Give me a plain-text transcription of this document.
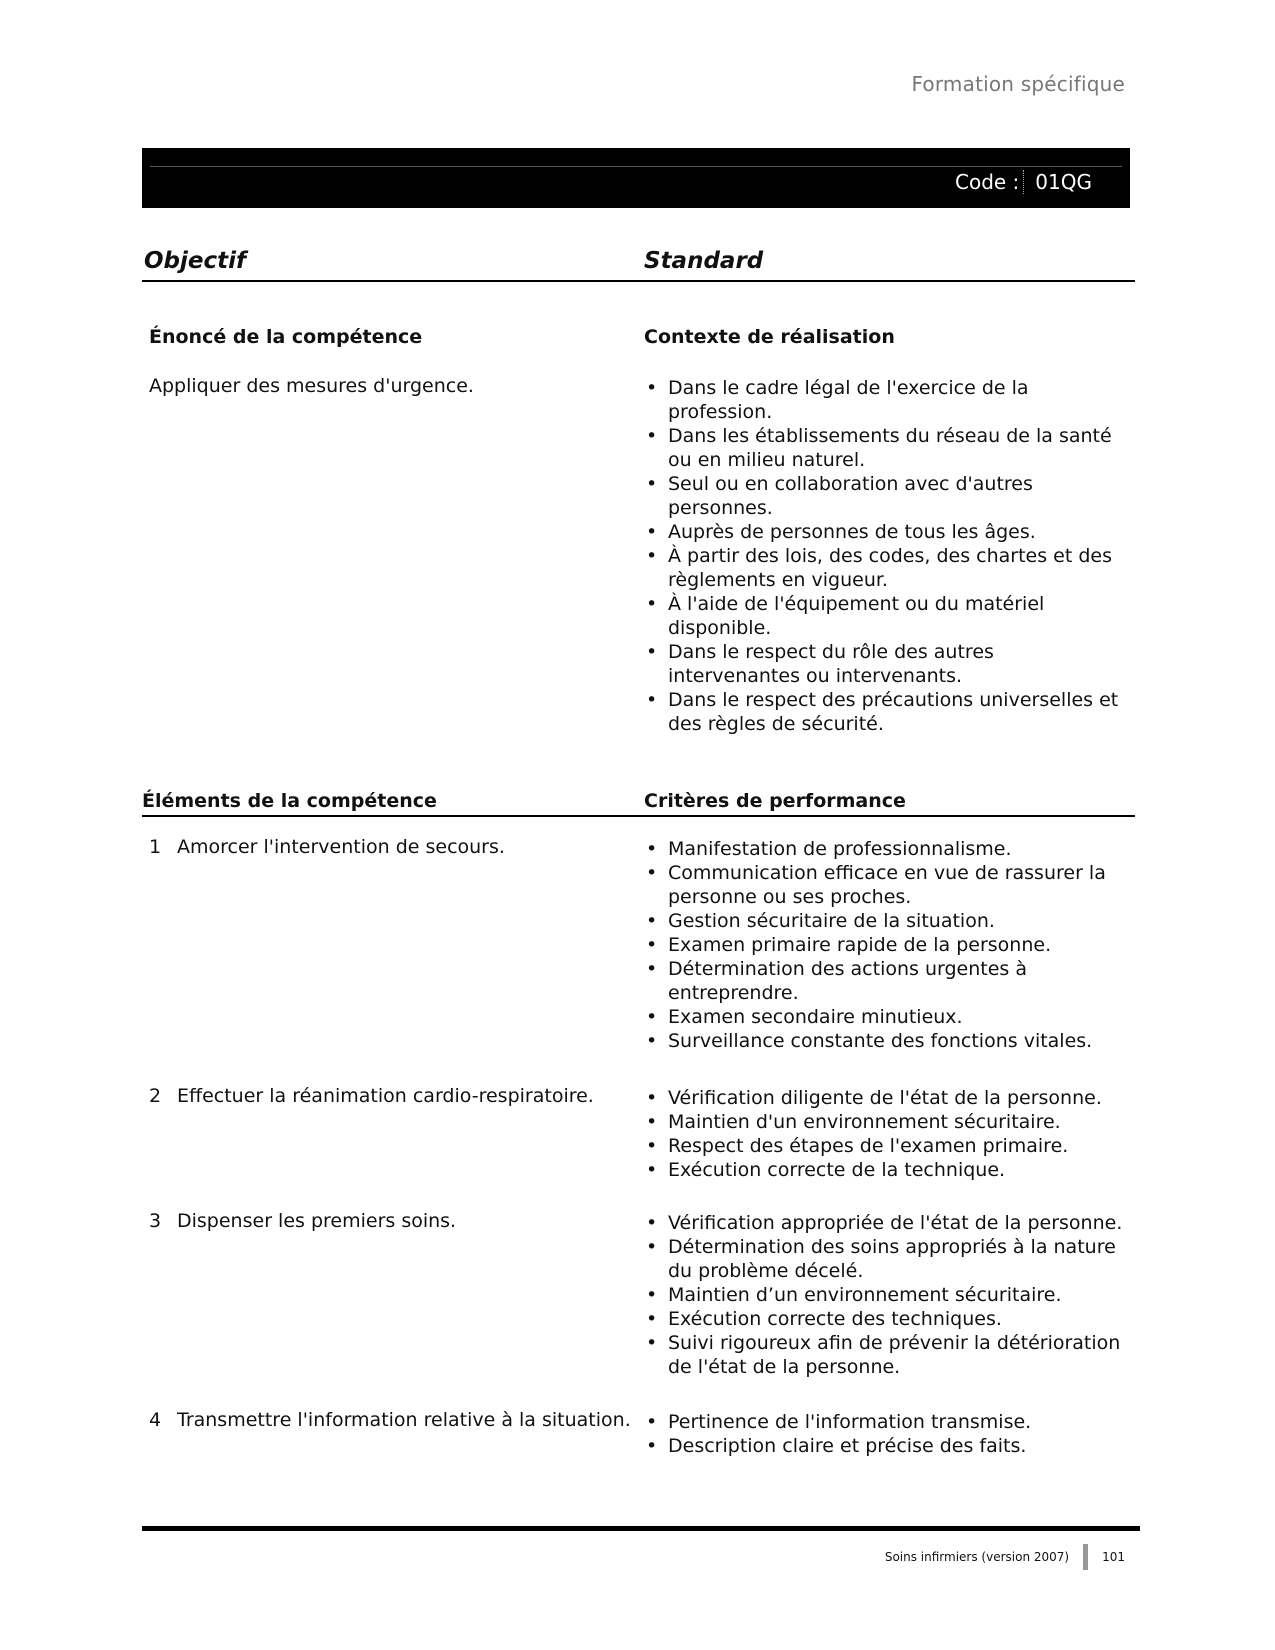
Formation spécifique
Code : 01QG
Objectif	Standard
Énoncé de la compétence	Contexte de réalisation
Appliquer des mesures d'urgence.	• Dans le cadre légal de l'exercice de la profession.
• Dans les établissements du réseau de la santé ou en milieu naturel.
• Seul ou en collaboration avec d'autres personnes.
• Auprès de personnes de tous les âges.
• À partir des lois, des codes, des chartes et des règlements en vigueur.
• À l'aide de l'équipement ou du matériel disponible.
• Dans le respect du rôle des autres intervenantes ou intervenants.
• Dans le respect des précautions universelles et des règles de sécurité.
Éléments de la compétence	Critères de performance
1 Amorcer l'intervention de secours.	• Manifestation de professionnalisme.
• Communication efficace en vue de rassurer la personne ou ses proches.
• Gestion sécuritaire de la situation.
• Examen primaire rapide de la personne.
• Détermination des actions urgentes à entreprendre.
• Examen secondaire minutieux.
• Surveillance constante des fonctions vitales.
2 Effectuer la réanimation cardio-respiratoire.	• Vérification diligente de l'état de la personne.
• Maintien d'un environnement sécuritaire.
• Respect des étapes de l'examen primaire.
• Exécution correcte de la technique.
3 Dispenser les premiers soins.	• Vérification appropriée de l'état de la personne.
• Détermination des soins appropriés à la nature du problème décelé.
• Maintien d’un environnement sécuritaire.
• Exécution correcte des techniques.
• Suivi rigoureux afin de prévenir la détérioration de l'état de la personne.
4 Transmettre l'information relative à la situation.	• Pertinence de l'information transmise.
• Description claire et précise des faits.
Soins infirmiers (version 2007)	101
